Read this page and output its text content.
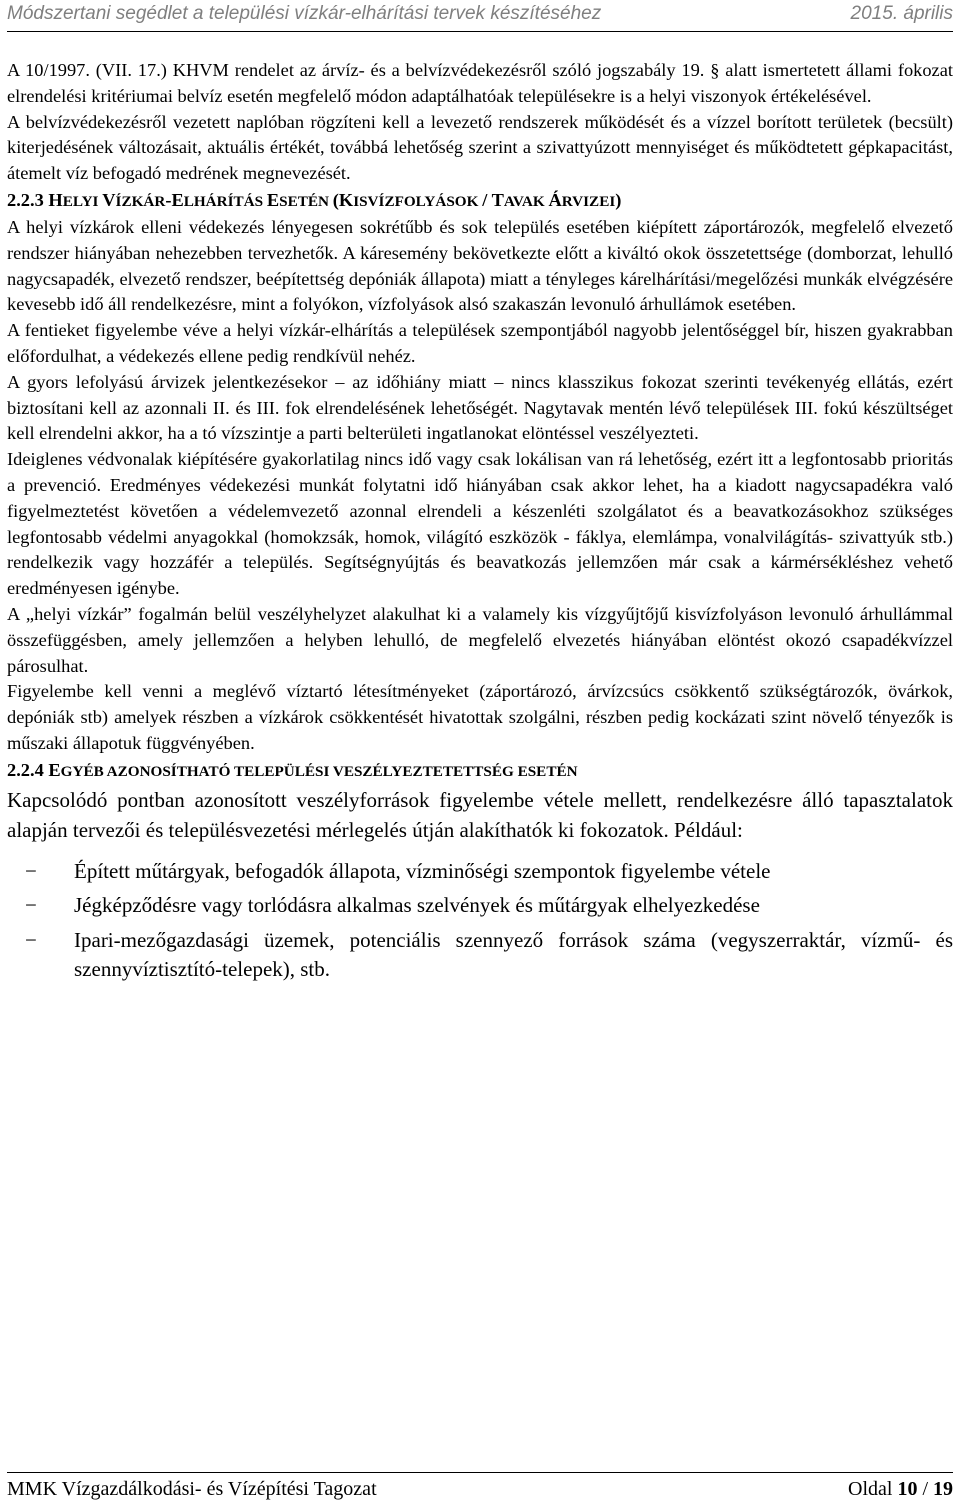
Módszertani segédlet a települési vízkár-elhárítási tervek készítéséhez	2015. április

A 10/1997. (VII. 17.) KHVM rendelet az árvíz- és a belvízvédekezésről szóló jogszabály 19. § alatt ismertetett állami fokozat elrendelési kritériumai belvíz esetén megfelelő módon adaptálhatóak településekre is a helyi viszonyok értékelésével.

A belvízvédekezésről vezetett naplóban rögzíteni kell a levezető rendszerek működését és a vízzel borított területek (becsült) kiterjedésének változásait, aktuális értékét, továbbá lehetőség szerint a szivattyúzott mennyiséget és működtetett gépkapacitást, átemelt víz befogadó medrének megnevezését.

2.2.3 HELYI VÍZKÁR-ELHÁRÍTÁS ESETÉN (KISVÍZFOLYÁSOK / TAVAK ÁRVIZEI)

A helyi vízkárok elleni védekezés lényegesen sokrétűbb és sok település esetében kiépített záportározók, megfelelő elvezető rendszer hiányában nehezebben tervezhetők. A káresemény bekövetkezte előtt a kiváltó okok összetettsége (domborzat, lehulló nagycsapadék, elvezető rendszer, beépítettség depóniák állapota) miatt a tényleges kárelhárítási/megelőzési munkák elvégzésére kevesebb idő áll rendelkezésre, mint a folyókon, vízfolyások alsó szakaszán levonuló árhullámok esetében.

A fentieket figyelembe véve a helyi vízkár-elhárítás a települések szempontjából nagyobb jelentőséggel bír, hiszen gyakrabban előfordulhat, a védekezés ellene pedig rendkívül nehéz.

A gyors lefolyású árvizek jelentkezésekor – az időhiány miatt – nincs klasszikus fokozat szerinti tevékenyég ellátás, ezért biztosítani kell az azonnali II. és III. fok elrendelésének lehetőségét. Nagytavak mentén lévő települések III. fokú készültséget kell elrendelni akkor, ha a tó vízszintje a parti belterületi ingatlanokat elöntéssel veszélyezteti.

Ideiglenes védvonalak kiépítésére gyakorlatilag nincs idő vagy csak lokálisan van rá lehetőség, ezért itt a legfontosabb prioritás a prevenció. Eredményes védekezési munkát folytatni idő hiányában csak akkor lehet, ha a kiadott nagycsapadékra való figyelmeztetést követően a védelemvezető azonnal elrendeli a készenléti szolgálatot és a beavatkozásokhoz szükséges legfontosabb védelmi anyagokkal (homokzsák, homok, világító eszközök - fáklya, elemlámpa, vonalvilágítás- szivattyúk stb.) rendelkezik vagy hozzáfér a település. Segítségnyújtás és beavatkozás jellemzően már csak a kármérsékléshez vehető eredményesen igénybe.

A „helyi vízkár” fogalmán belül veszélyhelyzet alakulhat ki a valamely kis vízgyűjtőjű kisvízfolyáson levonuló árhullámmal összefüggésben, amely jellemzően a helyben lehulló, de megfelelő elvezetés hiányában elöntést okozó csapadékvízzel párosulhat.

Figyelembe kell venni a meglévő víztartó létesítményeket (záportározó, árvízcsúcs csökkentő szükségtározók, övárkok, depóniák stb) amelyek részben a vízkárok csökkentését hivatottak szolgálni, részben pedig kockázati szint növelő tényezők is műszaki állapotuk függvényében.

2.2.4 EGYÉB AZONOSÍTHATÓ TELEPÜLÉSI VESZÉLYEZTETETTSÉG ESETÉN

Kapcsolódó pontban azonosított veszélyforrások figyelembe vétele mellett, rendelkezésre álló tapasztalatok alapján tervezői és településvezetési mérlegelés útján alakíthatók ki fokozatok. Például:

− Épített műtárgyak, befogadók állapota, vízminőségi szempontok figyelembe vétele
− Jégképződésre vagy torlódásra alkalmas szelvények és műtárgyak elhelyezkedése
− Ipari-mezőgazdasági üzemek, potenciális szennyező források száma (vegyszerraktár, vízmű- és szennyvíztisztító-telepek), stb.
MMK Vízgazdálkodási- és Vízépítési Tagozat	Oldal 10 / 19
